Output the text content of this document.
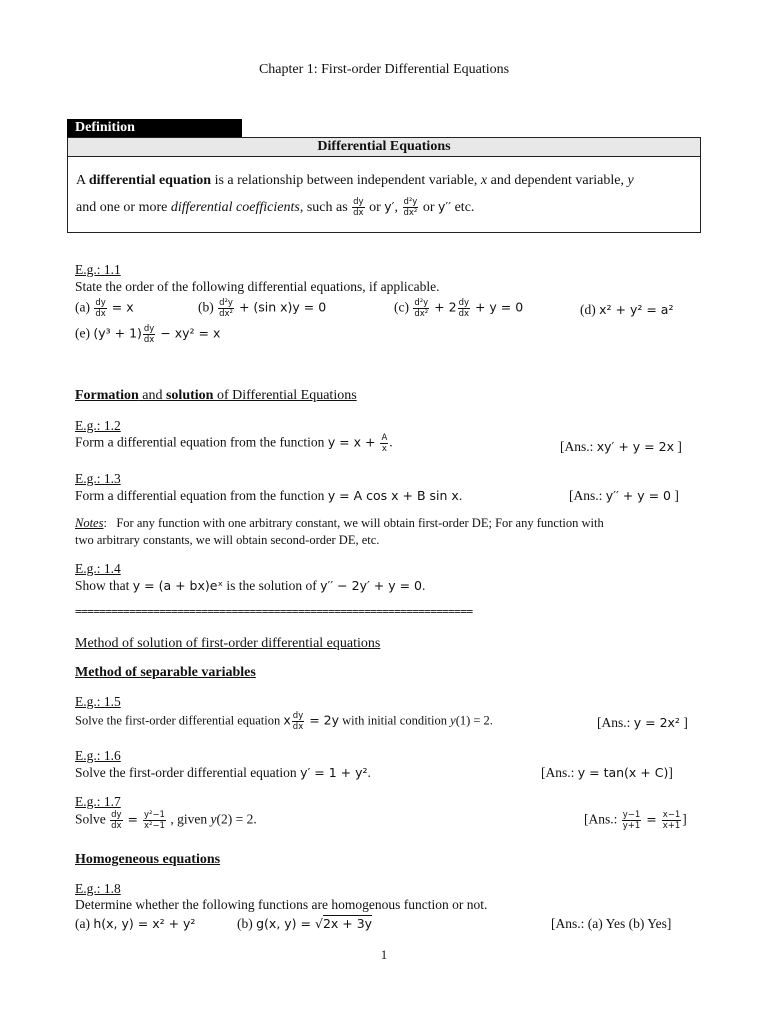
Chapter 1: First-order Differential Equations
Definition
Differential Equations
A differential equation is a relationship between independent variable, x and dependent variable, y
and one or more differential coefficients, such as $\frac{dy}{dx}$ or y′, $\frac{\text{d²y}}{\text{dx²}}$ or y′′ etc.
E.g.: 1.1
State the order of the following differential equations, if applicable.
$(a) \frac{dy}{dx} = x$	$(b) \frac{\text{d²y}}{\text{dx²}} + (\sin$ x)y = 0	$(c) \frac{\text{d²y}}{\text{dx²}} + 2 \frac{dy}{dx} + y = 0$	(d) x² + y² = a²
(e) $(y^3 + 1) \frac{dy}{dx} - xy^2 = x$
Formation and solution of Differential Equations
E.g.: 1.2
Form a differential equation from the function $y = x + \frac{A}{x}$ .	[Ans.: xy′ + y = 2x ]
E.g.: 1.3
Form a differential equation from the function y = A cos x + B sin x.	[Ans.: y′′ + y = 0 ]
Notes: For any function with one arbitrary constant, we will obtain first-order DE; For any function with
two arbitrary constants, we will obtain second-order DE, etc.
E.g.: 1.4
Show that y = (a + bx)eˣ is the solution of y′′ − 2y′ + y = 0.
==================================================================
Method of solution of first-order differential equations
Method of separable variables
E.g.: 1.5
Solve the first-order differential equation x $\frac{dy}{dx} = 2y$ with initial condition y(1) = 2.	[Ans.: y = 2x² ]
E.g.: 1.6
Solve the first-order differential equation y′ = 1 + y².	[Ans.: y = tan(x + C)]
E.g.: 1.7
Solve $\frac{dy}{dx} = \frac{\text{y²−1}}{\text{x²−1}}$ , given y(2) = 2.	[Ans.: $\frac{y-1}{y+1} = \frac{x-1}{x+1}$ ]
Homogeneous equations
E.g.: 1.8
Determine whether the following functions are homogenous function or not.
(a) h(x, y) = x² + y²	(b) g(x, y) = √2x + 3y	[Ans.: (a) Yes (b) Yes]
1
